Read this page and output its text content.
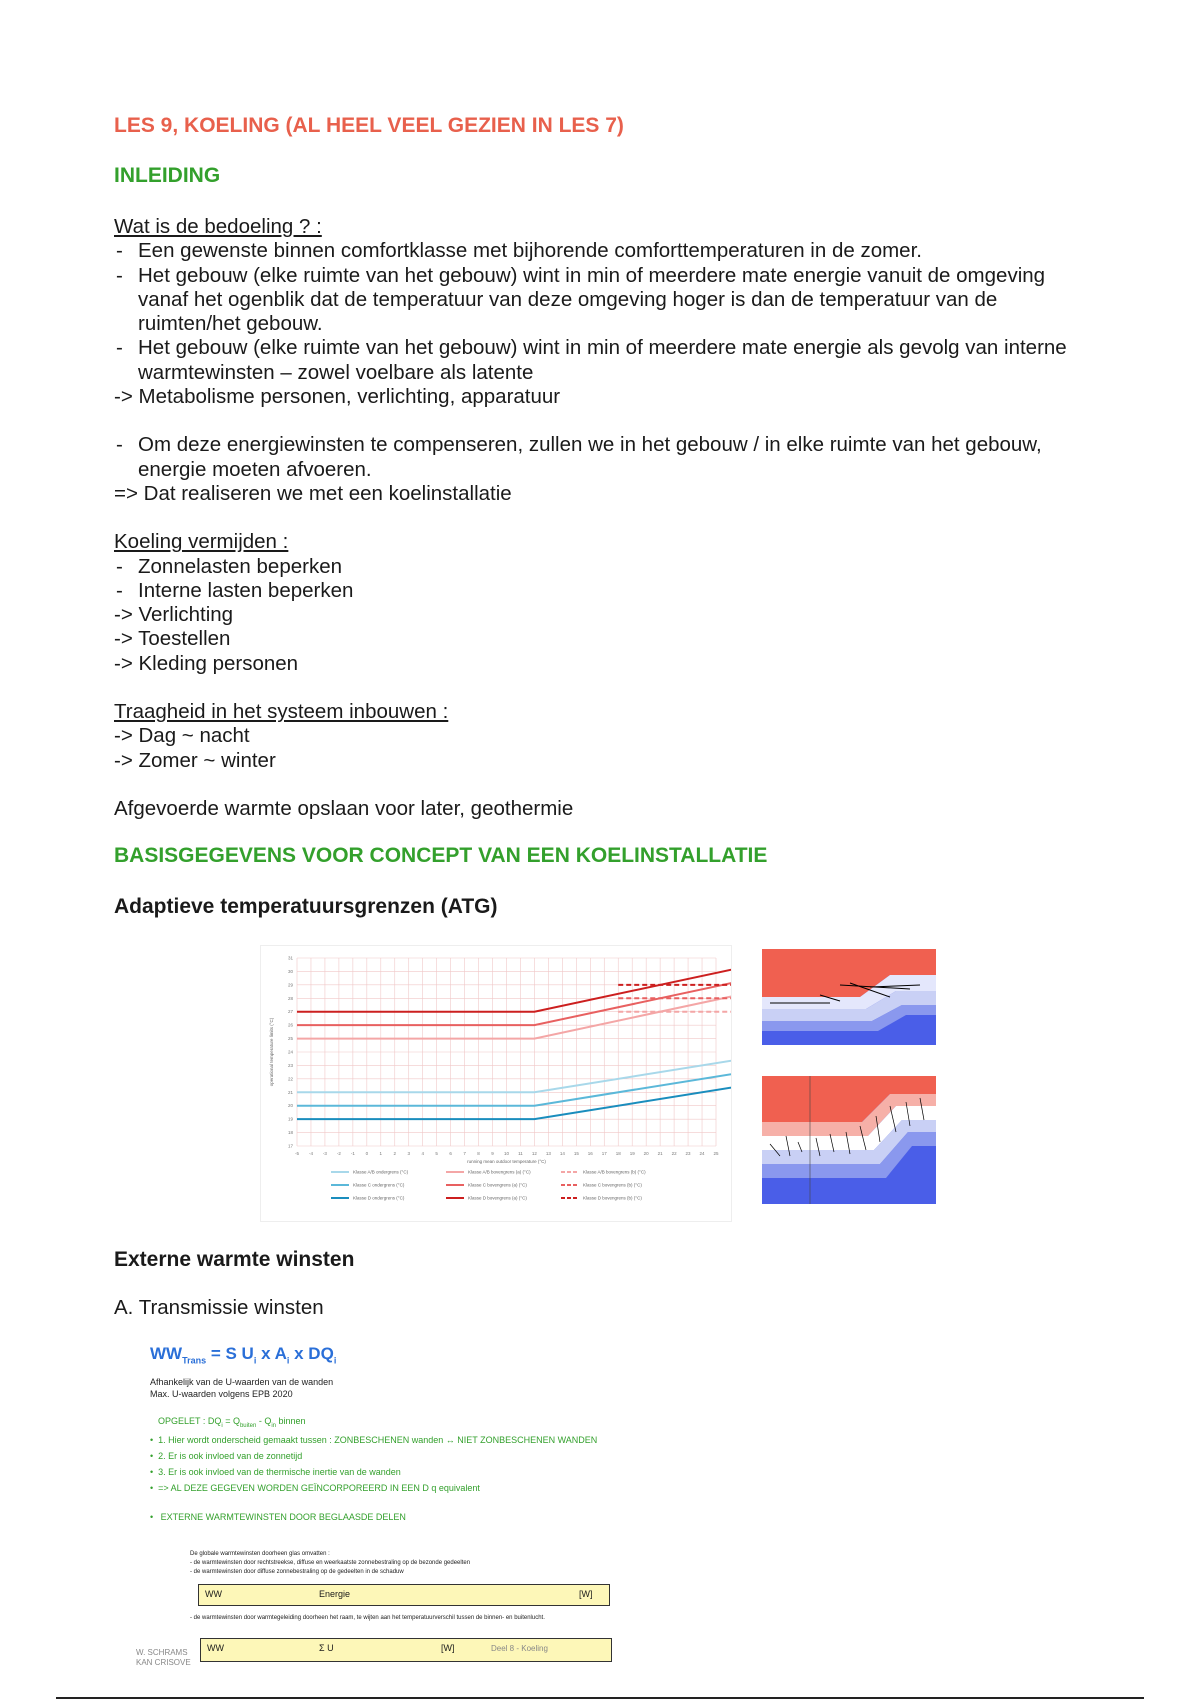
LES 9, KOELING (AL HEEL VEEL GEZIEN IN LES 7)
INLEIDING

Wat is de bedoeling ? :

- Een gewenste binnen comfortklasse met bijhorende comforttemperaturen in de zomer.

- Het gebouw (elke ruimte van het gebouw) wint in min of meerdere mate energie vanuit de omgeving vanaf het ogenblik dat de temperatuur van deze omgeving hoger is dan de temperatuur van de ruimten/het gebouw.

- Het gebouw (elke ruimte van het gebouw) wint in min of meerdere mate energie als gevolg van interne warmtewinsten – zowel voelbare als latente

-> Metabolisme personen, verlichting, apparatuur

- Om deze energiewinsten te compenseren, zullen we in het gebouw / in elke ruimte van het gebouw, energie moeten afvoeren.

=> Dat realiseren we met een koelinstallatie

Koeling vermijden :

- Zonnelasten beperken

- Interne lasten beperken

-> Verlichting

-> Toestellen

-> Kleding personen

Traagheid in het systeem inbouwen :

-> Dag ~ nacht

-> Zomer ~ winter

Afgevoerde warmte opslaan voor later, geothermie

BASISGEGEVENS VOOR CONCEPT VAN EEN KOELINSTALLATIE
Adaptieve temperatuursgrenzen (ATG)
-5 -4 -3 -2 -1 0	1	2	3	4	5	6	7	8	9 10 11 12 13 14 15 16 17 18 19 20 21 22 23 24 25
17
18
19
20
21
22
23
24
25
26
27
28
29
30
31
running mean outdoor temperature (°C)
operational temperature limits (°C)
Klasse A/B ondergrens (°C)
Klasse C ondergrens (°C)
Klasse D ondergrens (°C)
Klasse A/B bovengrens (a) (°C)
Klasse C bovengrens (a) (°C)
Klasse D bovengrens (a) (°C)
Klasse A/B bovengrens (b) (°C)
Klasse C bovengrens (b) (°C)
Klasse D bovengrens (b) (°C)
Externe warmte winsten

A. Transmissie winsten

$WW_{Trans} = S$ $U_i$ x $A_i$ x $DQ_i$
Afhankelijk van de U-waarden van de wanden
Max. U-waarden volgens EPB 2020
OPGELET : $DQ_i = Q_{buiten} - Q_{in}$ binnen
•  1. Hier wordt onderscheid gemaakt tussen : ZONBESCHENEN wanden ↔ NIET ZONBESCHENEN WANDEN
•  2. Er is ook invloed van de zonnetijd
•  3. Er is ook invloed van de thermische inertie van de wanden
•  => AL DEZE GEGEVEN WORDEN GEÏNCORPOREERD IN EEN D q equivalent
•   EXTERNE WARMTEWINSTEN DOOR BEGLAASDE DELEN
De globale warmtewinsten doorheen glas omvatten :
- de warmtewinsten door rechtstreekse, diffuse en weerkaatste zonnebestraling op de bezonde gedeelten
- de warmtewinsten door diffuse zonnebestraling op de gedeelten in de schaduw
WW	Energie	[W]
- de warmtewinsten door warmtegeleiding doorheen het raam, te wijten aan het temperatuurverschil tussen de binnen- en buitenlucht.
WW	Σ U	[W]	Deel 8 - Koeling
W. SCHRAMS KAN CRISOVE
